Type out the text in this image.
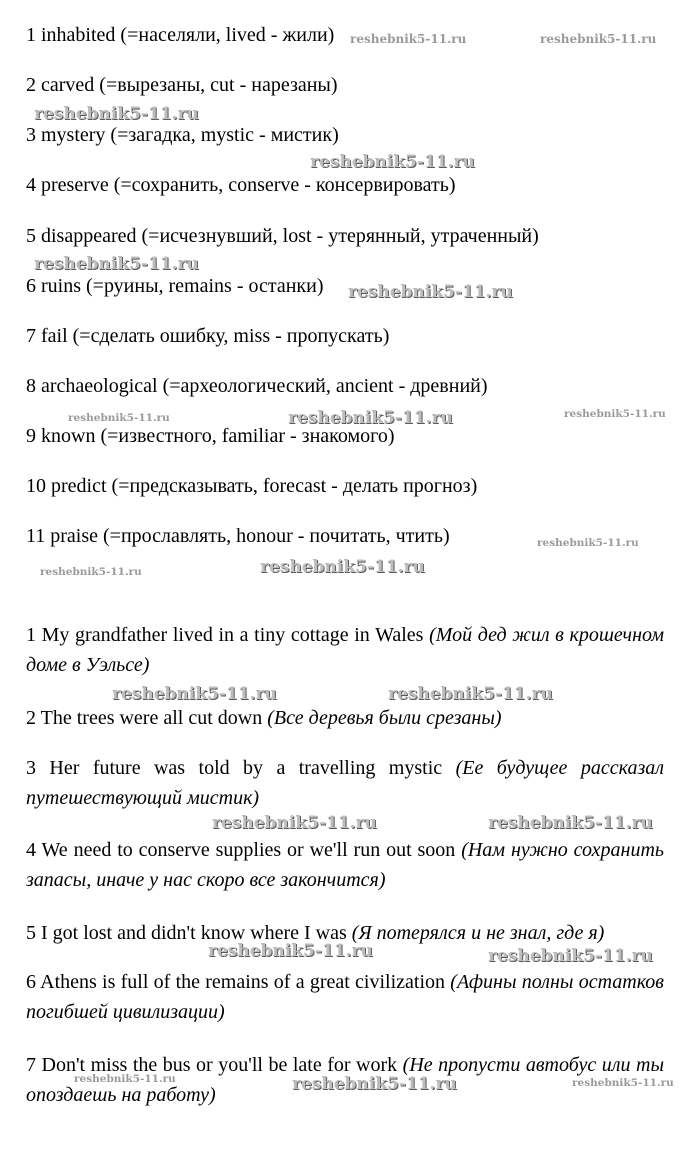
1 inhabited (=населяли, lived - жили)

2 carved (=вырезаны, cut - нарезаны)

3 mystery (=загадка, mystic - мистик)

4 preserve (=сохранить, conserve - консервировать)

5 disappeared (=исчезнувший, lost - утерянный, утраченный)

6 ruins (=руины, remains - останки)

7 fail (=сделать ошибку, miss - пропускать)

8 archaeological (=археологический, ancient - древний)

9 known (=известного, familiar - знакомого)

10 predict (=предсказывать, forecast - делать прогноз)

11 praise (=прославлять, honour - почитать, чтить)

1 My grandfather lived in a tiny cottage in Wales (Мой дед жил в крошечном доме в Уэльсе)

2 The trees were all cut down (Все деревья были срезаны)

3 Her future was told by a travelling mystic (Ее будущее рассказал путешествующий мистик)

4 We need to conserve supplies or we'll run out soon (Нам нужно сохранить запасы, иначе у нас скоро все закончится)

5 I got lost and didn't know where I was (Я потерялся и не знал, где я)

6 Athens is full of the remains of a great civilization (Афины полны остатков погибшей цивилизации)

7 Don't miss the bus or you'll be late for work (Не пропусти автобус или ты опоздаешь на работу)

reshebnik5-11.ru	reshebnik5-11.ru
reshebnik5-11.ru
reshebnik5-11.ru
reshebnik5-11.ru
reshebnik5-11.ru
reshebnik5-11.ru	reshebnik5-11.ru	reshebnik5-11.ru
reshebnik5-11.ru
reshebnik5-11.ru	reshebnik5-11.ru
reshebnik5-11.ru	reshebnik5-11.ru
reshebnik5-11.ru	reshebnik5-11.ru
reshebnik5-11.ru	reshebnik5-11.ru
reshebnik5-11.ru	reshebnik5-11.ru	reshebnik5-11.ru
